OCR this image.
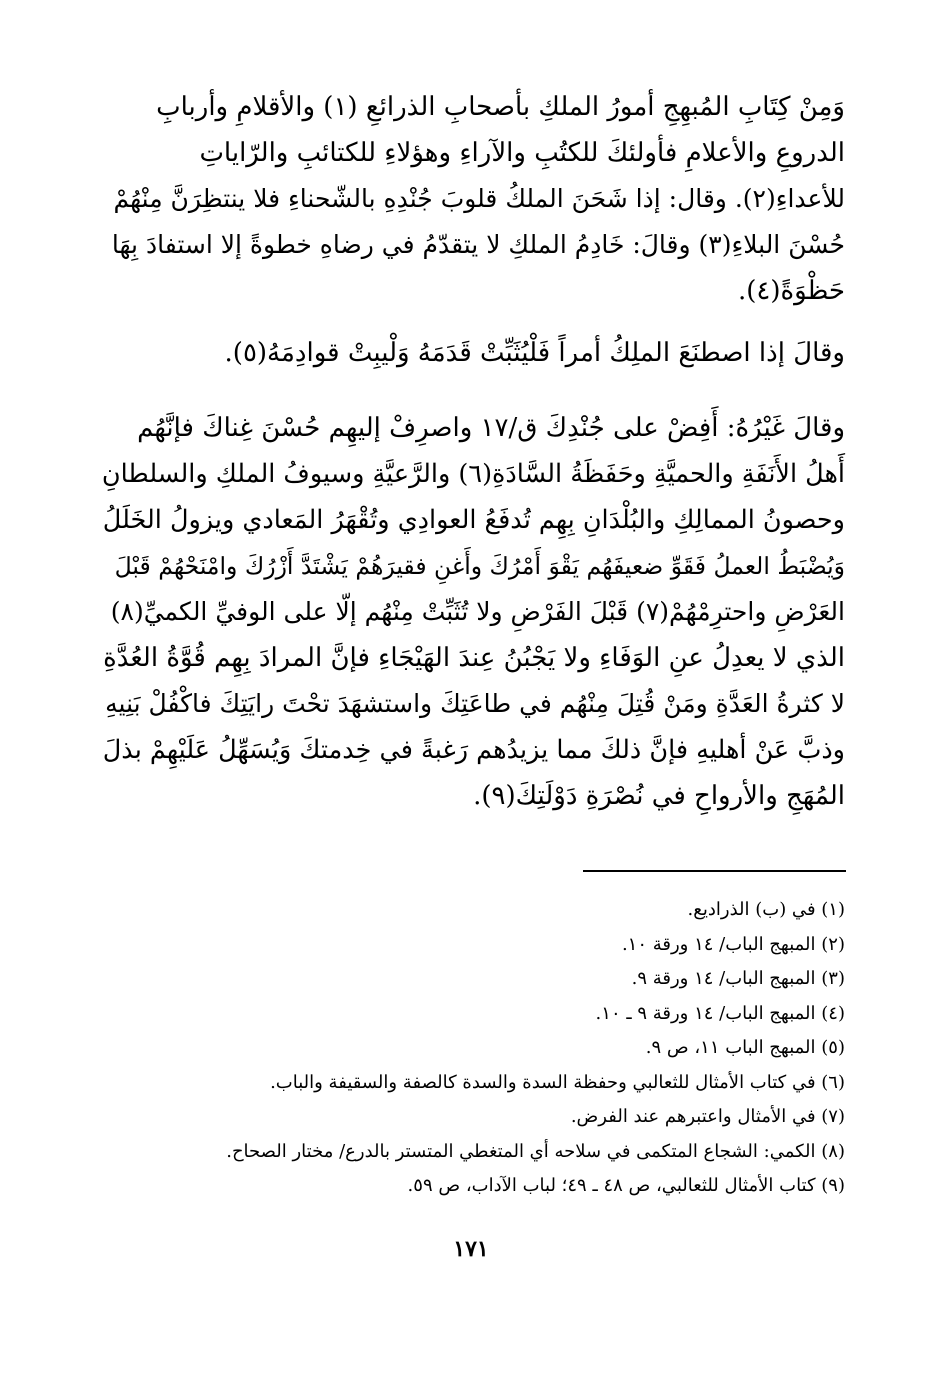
وَمِنْ كِتَابِ المُبهِجِ أمورُ الملكِ بأصحابِ الذرائعِ (١) والأقلامِ وأربابِ
الدروعِ والأعلامِ فأولئكَ للكتُبِ والآراءِ وهؤلاءِ للكتائبِ والرّاياتِ
للأعداءِ(٢). وقال: إذا شَحَنَ الملكُ قلوبَ جُنْدِهِ بالشّحناءِ فلا ينتظِرَنَّ مِنْهُمْ
حُسْنَ البلاءِ(٣) وقالَ: خَادِمُ الملكِ لا يتقدّمُ في رضاهِ خطوةً إلا استفادَ بِهَا
حَظْوَةً(٤).
وقالَ إذا اصطنَعَ الملِكُ أمراً فَلْيُثَبِّتْ قَدَمَهُ وَلْيبِتْ قوادِمَهُ(٥).
وقالَ غَيْرُهُ: أَفِضْ على جُنْدِكَ ق/١٧ واصرِفْ إليهِم حُسْنَ غِناكَ فإنَّهُم
أَهلُ الأَنَفَةِ والحميَّةِ وحَفَظَةُ السَّادَةِ(٦) والرَّعيَّةِ وسيوفُ الملكِ والسلطانِ
وحصونُ الممالِكِ والبُلْدَانِ بِهِم تُدفَعُ العوادِي وتُقْهَرُ المَعادي ويزولُ الخَلَلُ
وَيُضْبَطُ العملُ فَقَوِّ ضعيفَهُم يَقْوَ أَمْرُكَ وأَغنِ فقيرَهُمْ يَشْتَدَّ أَزْرُكَ وامْنَحْهُمْ قَبْلَ
العَرْضِ واحترِمْهُمْ(٧) قَبْلَ الفَرْضِ ولا تُثَبِّتْ مِنْهُم إلّا على الوفيِّ الكميِّ(٨)
الذي لا يعدِلُ عنِ الوَفَاءِ ولا يَجْبُنُ عِندَ الهَيْجَاءِ فإنَّ المرادَ بِهِم قُوَّةُ العُدَّةِ
لا كثرةُ العَدَّةِ ومَنْ قُتِلَ مِنْهُم في طاعَتِكَ واستشهَدَ تحْتَ رايَتِكَ فاكْفُلْ بَنِيهِ
وذبَّ عَنْ أهليهِ فإنَّ ذلكَ مما يزيدُهم رَغبةً في خِدمتكَ وَيُسَهِّلُ عَلَيْهِمْ بذلَ
المُهَجِ والأرواحِ في نُصْرَةِ دَوْلَتِكَ(٩).
(١) في (ب) الذراديع.
(٢) المبهج الباب/ ١٤ ورقة ١٠.
(٣) المبهج الباب/ ١٤ ورقة ٩.
(٤) المبهج الباب/ ١٤ ورقة ٩ ـ ١٠.
(٥) المبهج الباب ١١، ص ٩.
(٦) في كتاب الأمثال للثعالبي وحفظة السدة والسدة كالصفة والسقيفة والباب.
(٧) في الأمثال واعتبرهم عند الفرض.
(٨) الكمي: الشجاع المتكمى في سلاحه أي المتغطي المتستر بالدرع/ مختار الصحاح.
(٩) كتاب الأمثال للثعالبي، ص ٤٨ ـ ٤٩؛ لباب الآداب، ص ٥٩.
١٧١
